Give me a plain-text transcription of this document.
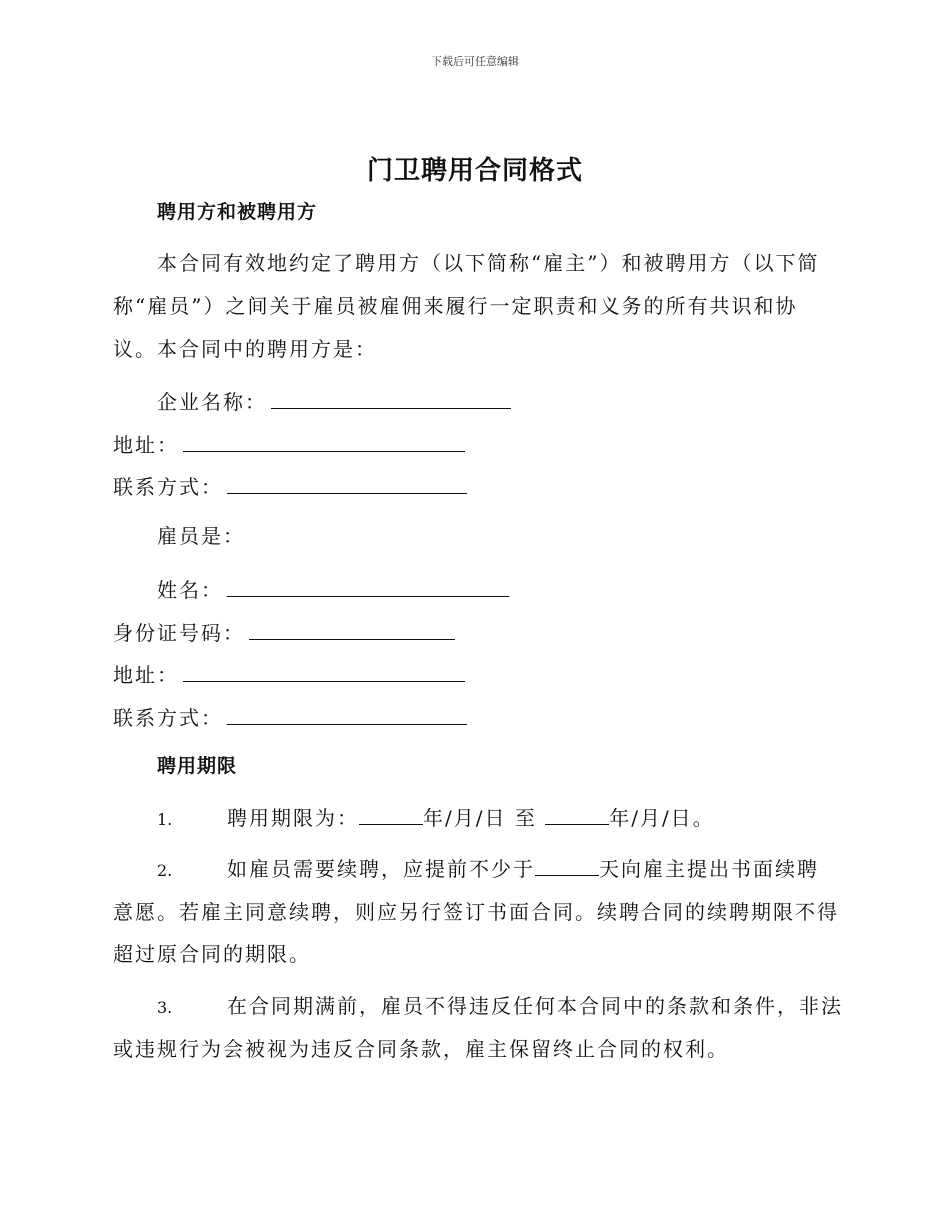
下载后可任意编辑
门卫聘用合同格式
聘用方和被聘用方
本合同有效地约定了聘用方（以下简称“雇主”）和被聘用方（以下简
称“雇员”）之间关于雇员被雇佣来履行一定职责和义务的所有共识和协
议。本合同中的聘用方是：
企业名称：
地址：
联系方式：
雇员是：
姓名：
身份证号码：
地址：
联系方式：
聘用期限
1.	聘用期限为：	年/月/日 至	年/月/日。
2.	如雇员需要续聘，应提前不少于	天向雇主提出书面续聘
意愿。若雇主同意续聘，则应另行签订书面合同。续聘合同的续聘期限不得
超过原合同的期限。
3.	在合同期满前，雇员不得违反任何本合同中的条款和条件，非法
或违规行为会被视为违反合同条款，雇主保留终止合同的权利。
